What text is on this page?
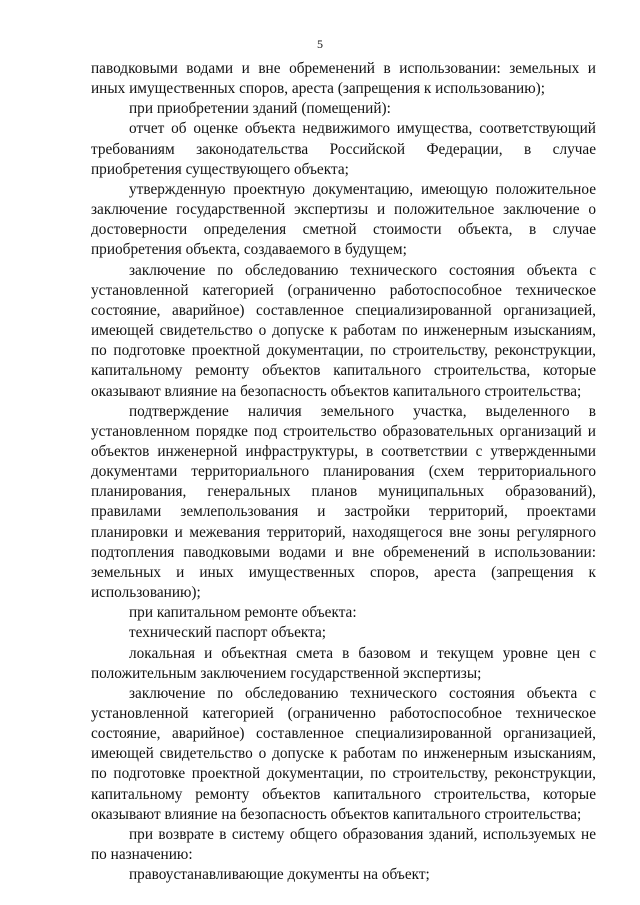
5

паводковыми водами и вне обременений в использовании: земельных и иных имущественных споров, ареста (запрещения к использованию);

при приобретении зданий (помещений):

отчет об оценке объекта недвижимого имущества, соответствующий требованиям законодательства Российской Федерации, в случае приобретения существующего объекта;

утвержденную проектную документацию, имеющую положительное заключение государственной экспертизы и положительное заключение о достоверности определения сметной стоимости объекта, в случае приобретения объекта, создаваемого в будущем;

заключение по обследованию технического состояния объекта с установленной категорией (ограниченно работоспособное техническое состояние, аварийное) составленное специализированной организацией, имеющей свидетельство о допуске к работам по инженерным изысканиям, по подготовке проектной документации, по строительству, реконструкции, капитальному ремонту объектов капитального строительства, которые оказывают влияние на безопасность объектов капитального строительства;

подтверждение наличия земельного участка, выделенного в установленном порядке под строительство образовательных организаций и объектов инженерной инфраструктуры, в соответствии с утвержденными документами территориального планирования (схем территориального планирования, генеральных планов муниципальных образований), правилами землепользования и застройки территорий, проектами планировки и межевания территорий, находящегося вне зоны регулярного подтопления паводковыми водами и вне обременений в использовании: земельных и иных имущественных споров, ареста (запрещения к использованию);

при капитальном ремонте объекта:

технический паспорт объекта;

локальная и объектная смета в базовом и текущем уровне цен с положительным заключением государственной экспертизы;

заключение по обследованию технического состояния объекта с установленной категорией (ограниченно работоспособное техническое состояние, аварийное) составленное специализированной организацией, имеющей свидетельство о допуске к работам по инженерным изысканиям, по подготовке проектной документации, по строительству, реконструкции, капитальному ремонту объектов капитального строительства, которые оказывают влияние на безопасность объектов капитального строительства;

при возврате в систему общего образования зданий, используемых не по назначению:

правоустанавливающие документы на объект;
